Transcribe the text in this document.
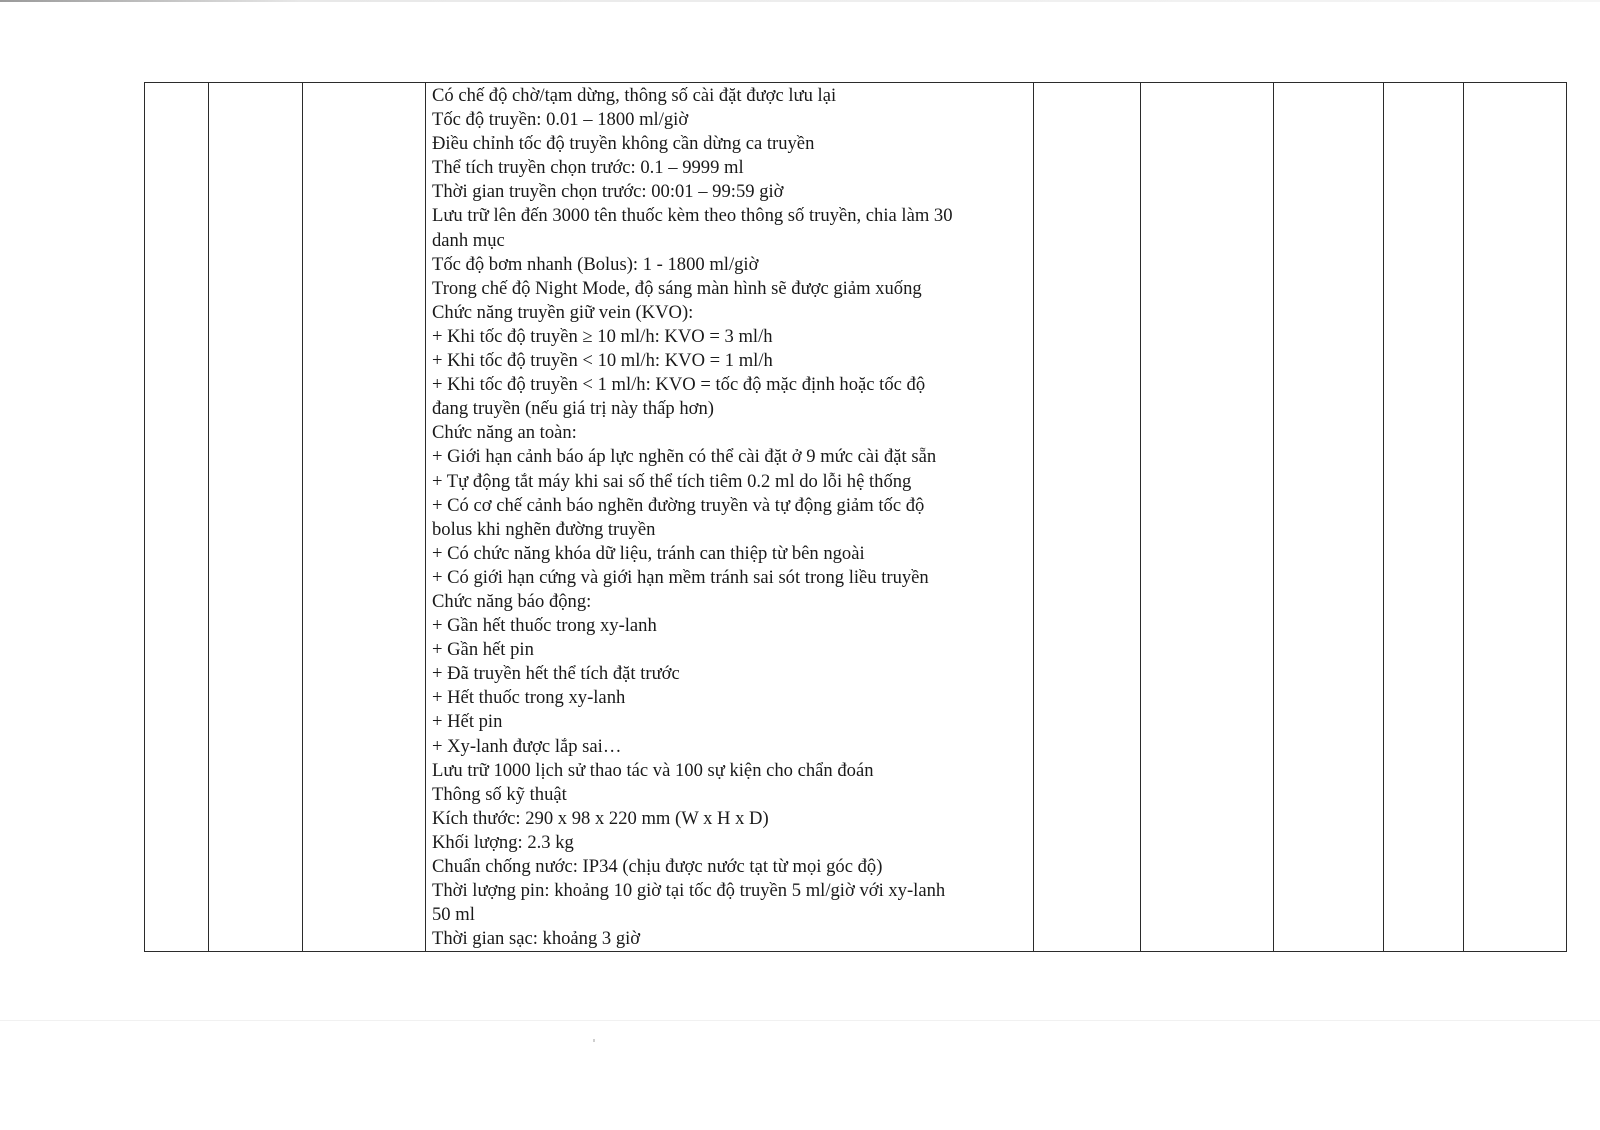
Có chế độ chờ/tạm dừng, thông số cài đặt được lưu lại
Tốc độ truyền: 0.01 – 1800 ml/giờ
Điều chỉnh tốc độ truyền không cần dừng ca truyền
Thể tích truyền chọn trước: 0.1 – 9999 ml
Thời gian truyền chọn trước: 00:01 – 99:59 giờ
Lưu trữ lên đến 3000 tên thuốc kèm theo thông số truyền, chia làm 30
danh mục
Tốc độ bơm nhanh (Bolus): 1 - 1800 ml/giờ
Trong chế độ Night Mode, độ sáng màn hình sẽ được giảm xuống
Chức năng truyền giữ vein (KVO):
+ Khi tốc độ truyền ≥ 10 ml/h: KVO = 3 ml/h
+ Khi tốc độ truyền < 10 ml/h: KVO = 1 ml/h
+ Khi tốc độ truyền < 1 ml/h: KVO = tốc độ mặc định hoặc tốc độ
đang truyền (nếu giá trị này thấp hơn)
Chức năng an toàn:
+ Giới hạn cảnh báo áp lực nghẽn có thể cài đặt ở 9 mức cài đặt sẵn
+ Tự động tắt máy khi sai số thể tích tiêm 0.2 ml do lỗi hệ thống
+ Có cơ chế cảnh báo nghẽn đường truyền và tự động giảm tốc độ
bolus khi nghẽn đường truyền
+ Có chức năng khóa dữ liệu, tránh can thiệp từ bên ngoài
+ Có giới hạn cứng và giới hạn mềm tránh sai sót trong liều truyền
Chức năng báo động:
+ Gần hết thuốc trong xy-lanh
+ Gần hết pin
+ Đã truyền hết thể tích đặt trước
+ Hết thuốc trong xy-lanh
+ Hết pin
+ Xy-lanh được lắp sai…
Lưu trữ 1000 lịch sử thao tác và 100 sự kiện cho chẩn đoán
Thông số kỹ thuật
Kích thước: 290 x 98 x 220 mm (W x H x D)
Khối lượng: 2.3 kg
Chuẩn chống nước: IP34 (chịu được nước tạt từ mọi góc độ)
Thời lượng pin: khoảng 10 giờ tại tốc độ truyền 5 ml/giờ với xy-lanh
50 ml
Thời gian sạc: khoảng 3 giờ
